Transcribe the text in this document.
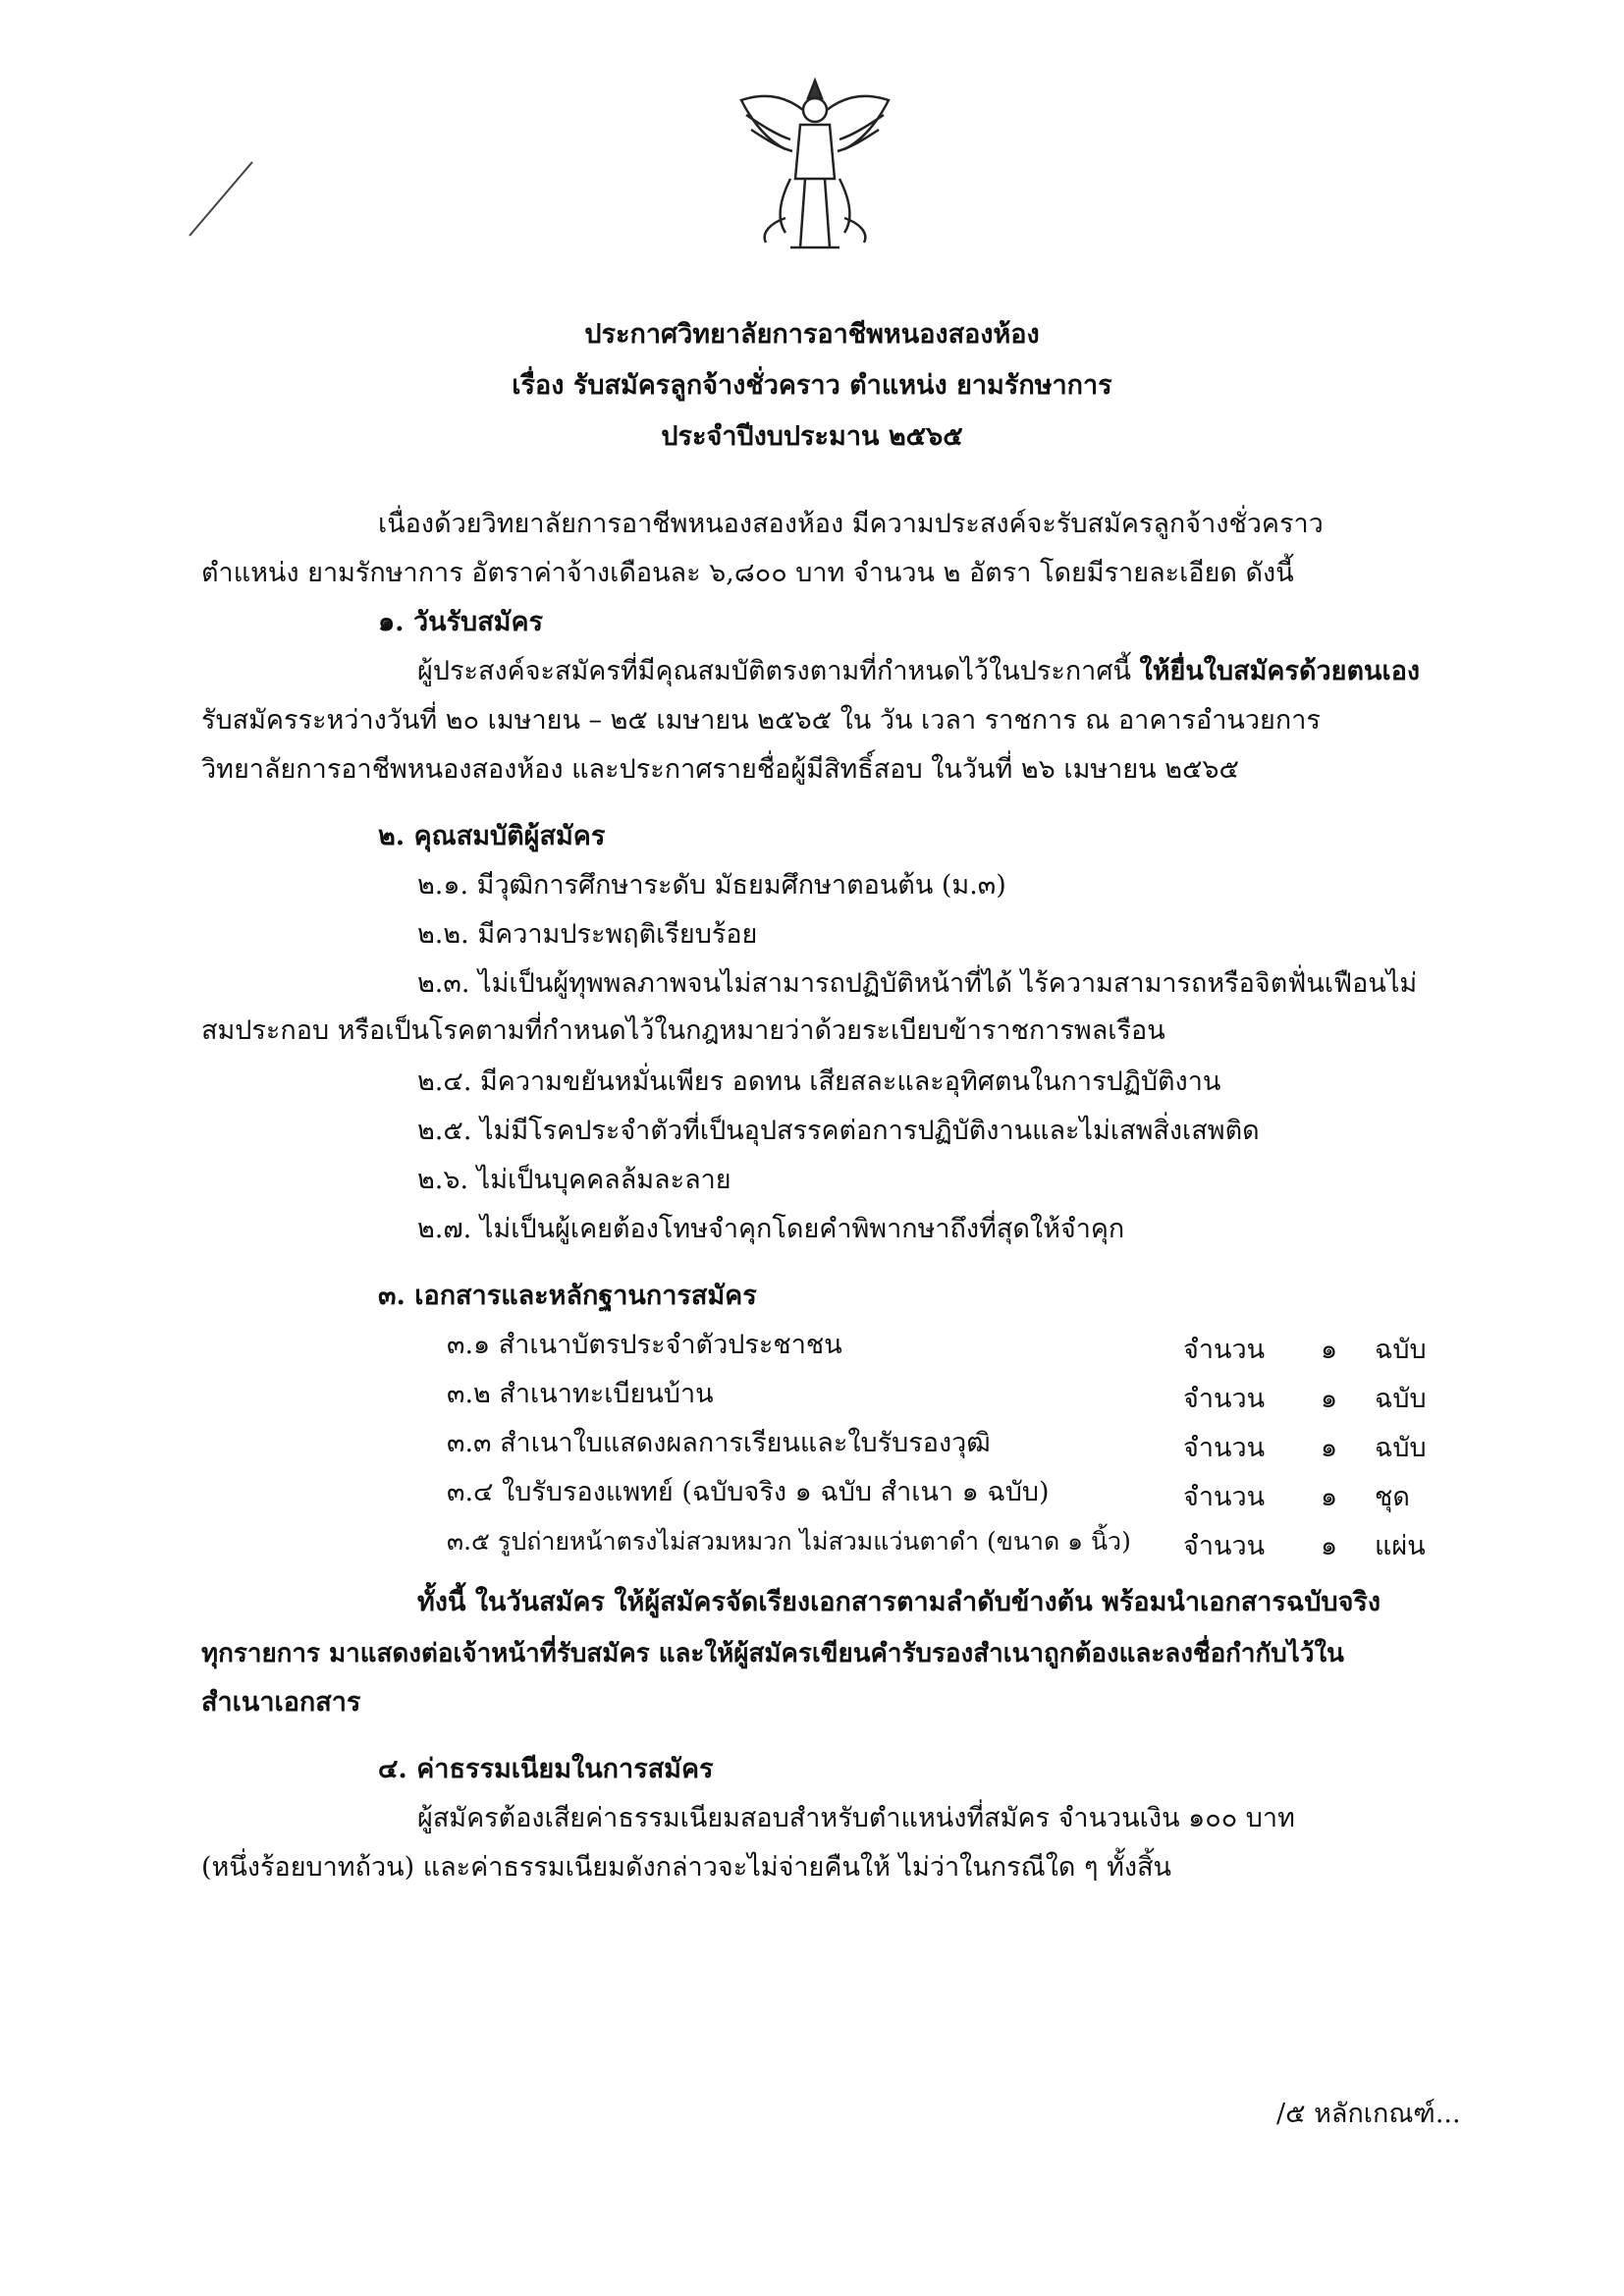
ประกาศวิทยาลัยการอาชีพหนองสองห้อง
เรื่อง รับสมัครลูกจ้างชั่วคราว ตำแหน่ง ยามรักษาการ
ประจำปีงบประมาน ๒๕๖๕
เนื่องด้วยวิทยาลัยการอาชีพหนองสองห้อง มีความประสงค์จะรับสมัครลูกจ้างชั่วคราว
ตำแหน่ง ยามรักษาการ อัตราค่าจ้างเดือนละ ๖,๘๐๐ บาท จำนวน ๒ อัตรา โดยมีรายละเอียด ดังนี้
๑. วันรับสมัคร
ผู้ประสงค์จะสมัครที่มีคุณสมบัติตรงตามที่กำหนดไว้ในประกาศนี้ ให้ยื่นใบสมัครด้วยตนเอง
รับสมัครระหว่างวันที่ ๒๐ เมษายน – ๒๕ เมษายน ๒๕๖๕ ใน วัน เวลา ราชการ ณ อาคารอำนวยการ
วิทยาลัยการอาชีพหนองสองห้อง และประกาศรายชื่อผู้มีสิทธิ์สอบ ในวันที่ ๒๖ เมษายน ๒๕๖๕
๒. คุณสมบัติผู้สมัคร
๒.๑. มีวุฒิการศึกษาระดับ มัธยมศึกษาตอนต้น (ม.๓)
๒.๒. มีความประพฤติเรียบร้อย
๒.๓. ไม่เป็นผู้ทุพพลภาพจนไม่สามารถปฏิบัติหน้าที่ได้ ไร้ความสามารถหรือจิตฟั่นเฟือนไม่
สมประกอบ หรือเป็นโรคตามที่กำหนดไว้ในกฎหมายว่าด้วยระเบียบข้าราชการพลเรือน
๒.๔. มีความขยันหมั่นเพียร อดทน เสียสละและอุทิศตนในการปฏิบัติงาน
๒.๕. ไม่มีโรคประจำตัวที่เป็นอุปสรรคต่อการปฏิบัติงานและไม่เสพสิ่งเสพติด
๒.๖. ไม่เป็นบุคคลล้มละลาย
๒.๗. ไม่เป็นผู้เคยต้องโทษจำคุกโดยคำพิพากษาถึงที่สุดให้จำคุก
๓. เอกสารและหลักฐานการสมัคร
๓.๑ สำเนาบัตรประจำตัวประชาชน	จำนวน ๑ ฉบับ
๓.๒ สำเนาทะเบียนบ้าน	จำนวน ๑ ฉบับ
๓.๓ สำเนาใบแสดงผลการเรียนและใบรับรองวุฒิ	จำนวน ๑ ฉบับ
๓.๔ ใบรับรองแพทย์ (ฉบับจริง ๑ ฉบับ สำเนา ๑ ฉบับ)	จำนวน ๑ ชุด
๓.๕ รูปถ่ายหน้าตรงไม่สวมหมวก ไม่สวมแว่นตาดำ (ขนาด ๑ นิ้ว) จำนวน ๑ แผ่น
ทั้งนี้ ในวันสมัคร ให้ผู้สมัครจัดเรียงเอกสารตามลำดับข้างต้น พร้อมนำเอกสารฉบับจริง
ทุกรายการ มาแสดงต่อเจ้าหน้าที่รับสมัคร และให้ผู้สมัครเขียนคำรับรองสำเนาถูกต้องและลงชื่อกำกับไว้ใน
สำเนาเอกสาร
๔. ค่าธรรมเนียมในการสมัคร
ผู้สมัครต้องเสียค่าธรรมเนียมสอบสำหรับตำแหน่งที่สมัคร จำนวนเงิน ๑๐๐ บาท
(หนึ่งร้อยบาทถ้วน) และค่าธรรมเนียมดังกล่าวจะไม่จ่ายคืนให้ ไม่ว่าในกรณีใด ๆ ทั้งสิ้น
/๕ หลักเกณฑ์...
